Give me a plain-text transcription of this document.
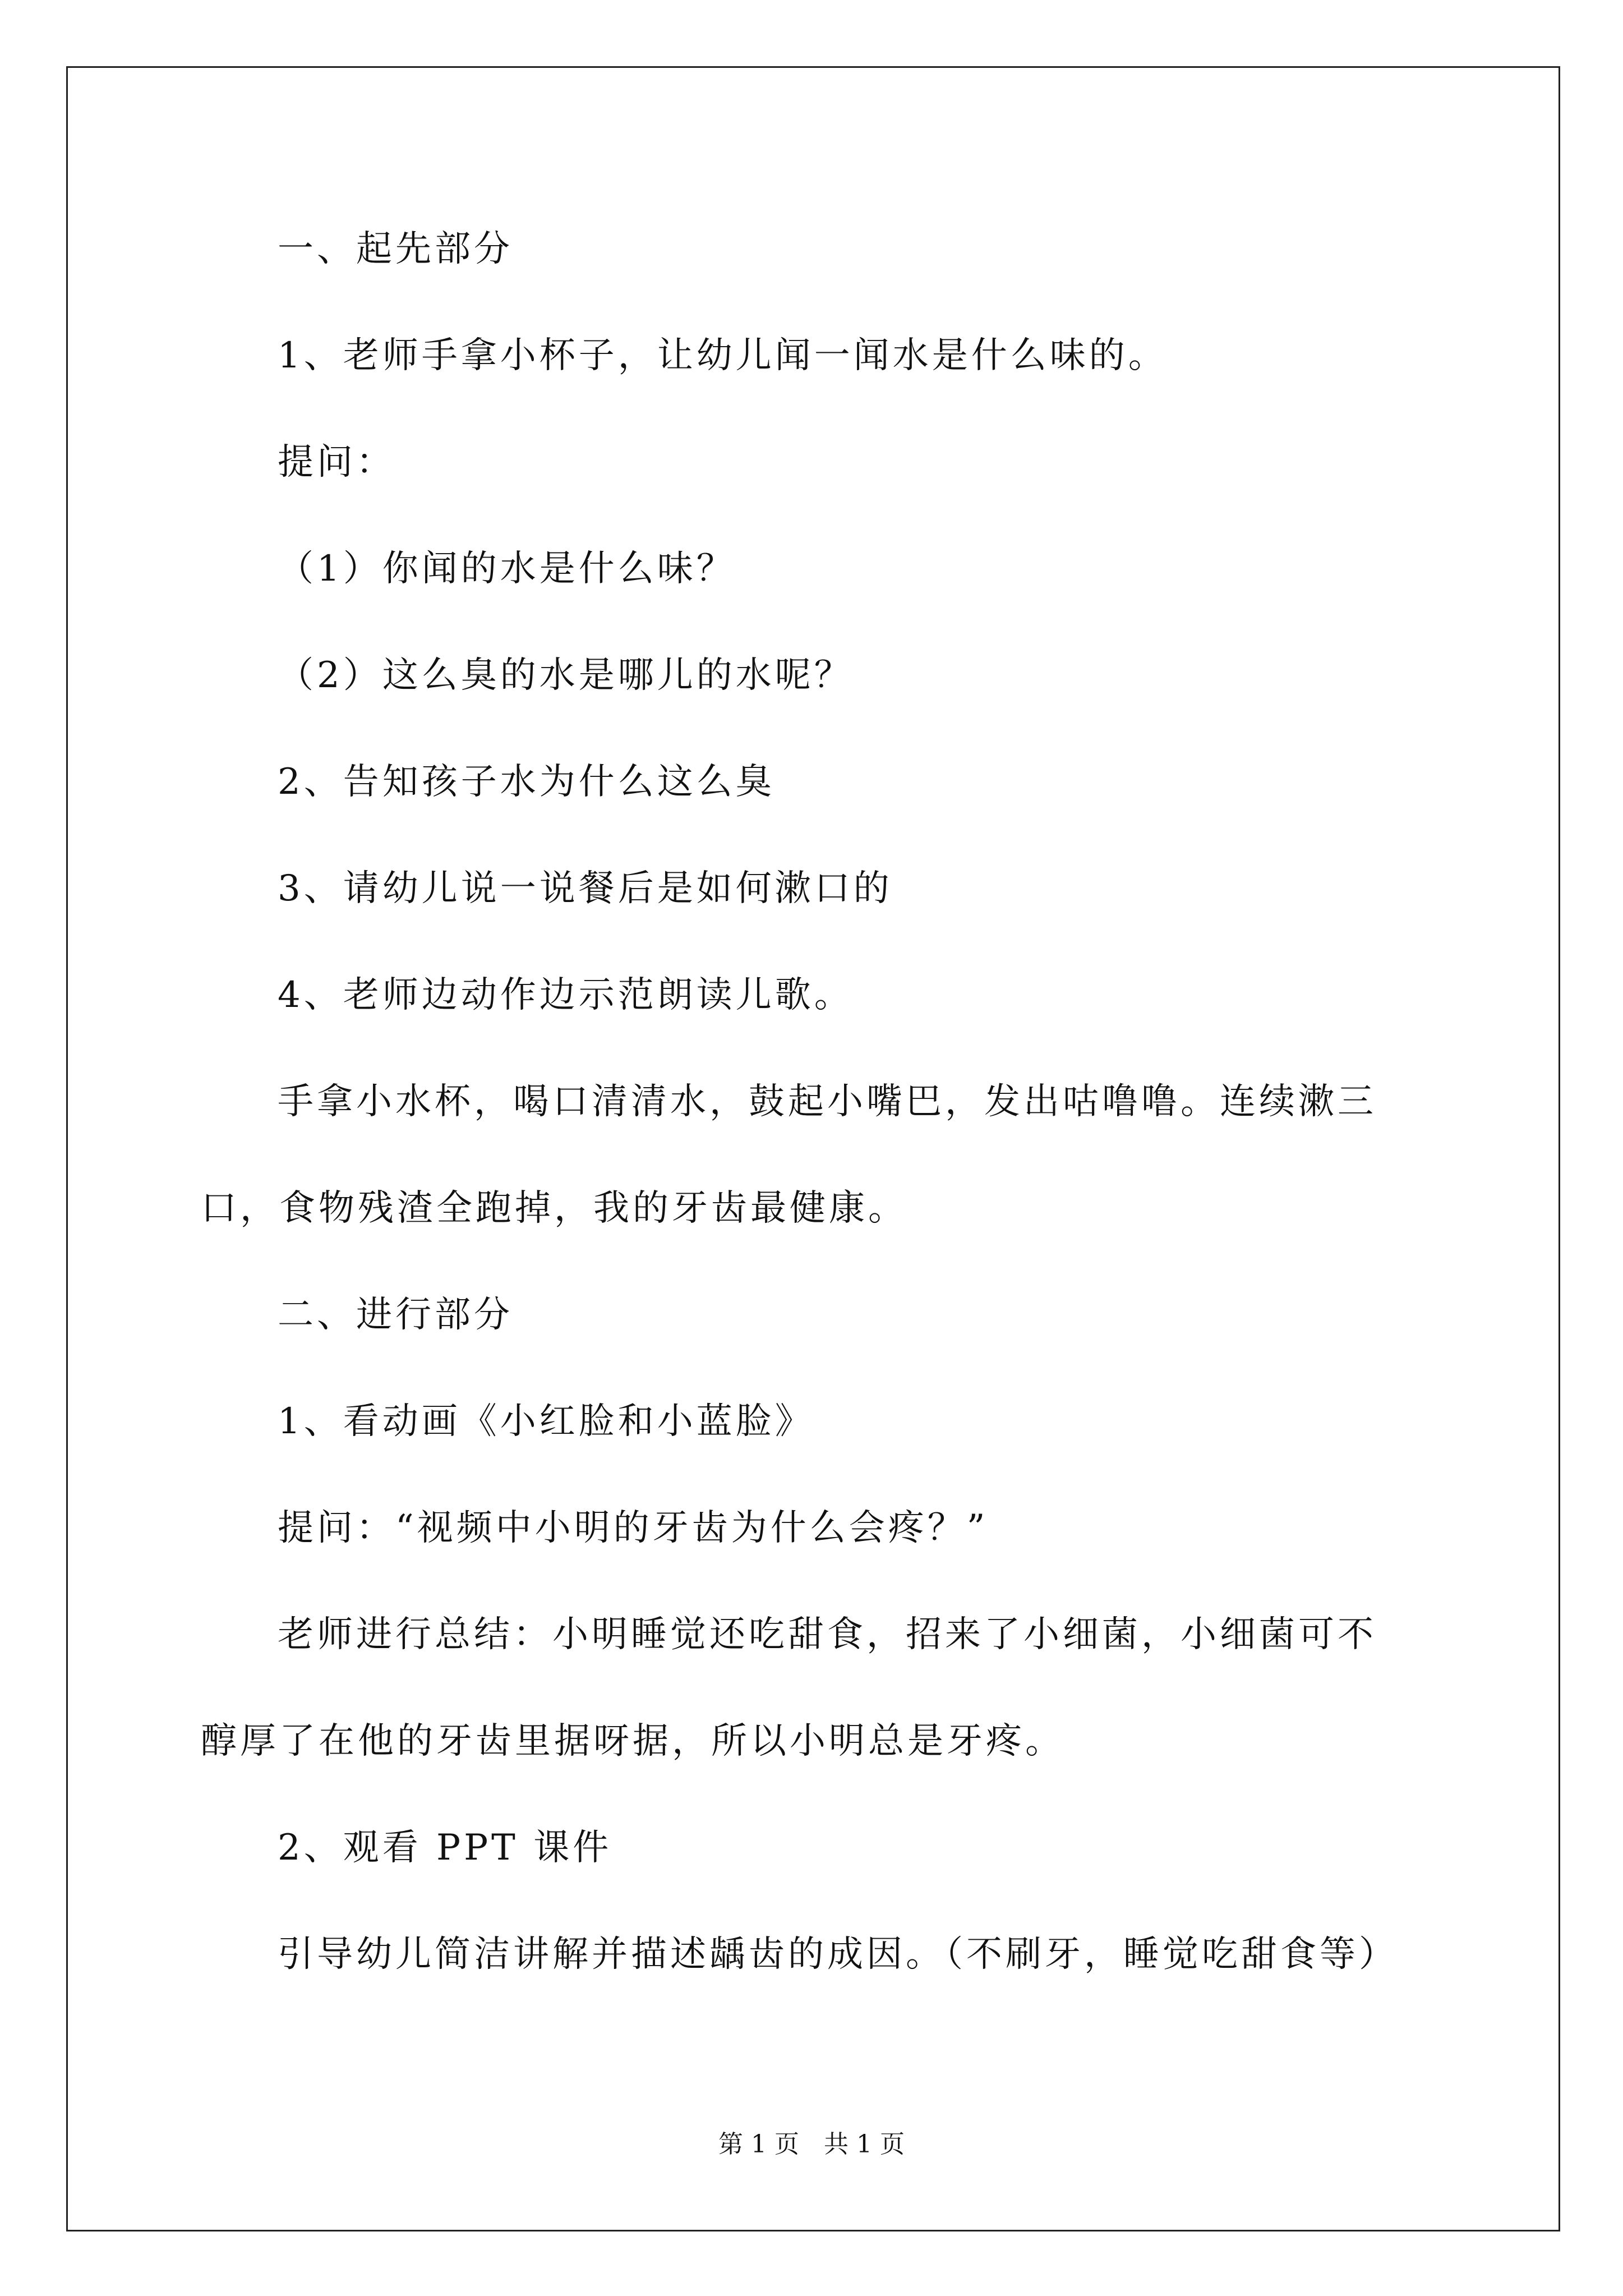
一、起先部分
1、老师手拿小杯子，让幼儿闻一闻水是什么味的。
提问：
（1）你闻的水是什么味？
（2）这么臭的水是哪儿的水呢？
2、告知孩子水为什么这么臭
3、请幼儿说一说餐后是如何漱口的
4、老师边动作边示范朗读儿歌。
手拿小水杯，喝口清清水，鼓起小嘴巴，发出咕噜噜。连续漱三
口，食物残渣全跑掉，我的牙齿最健康。
二、进行部分
1、看动画《小红脸和小蓝脸》
提问：“视频中小明的牙齿为什么会疼？”
老师进行总结：小明睡觉还吃甜食，招来了小细菌，小细菌可不
醇厚了在他的牙齿里据呀据，所以小明总是牙疼。
2、观看 PPT 课件
引导幼儿简洁讲解并描述龋齿的成因。（不刷牙，睡觉吃甜食等）
第 1 页　共 1 页
